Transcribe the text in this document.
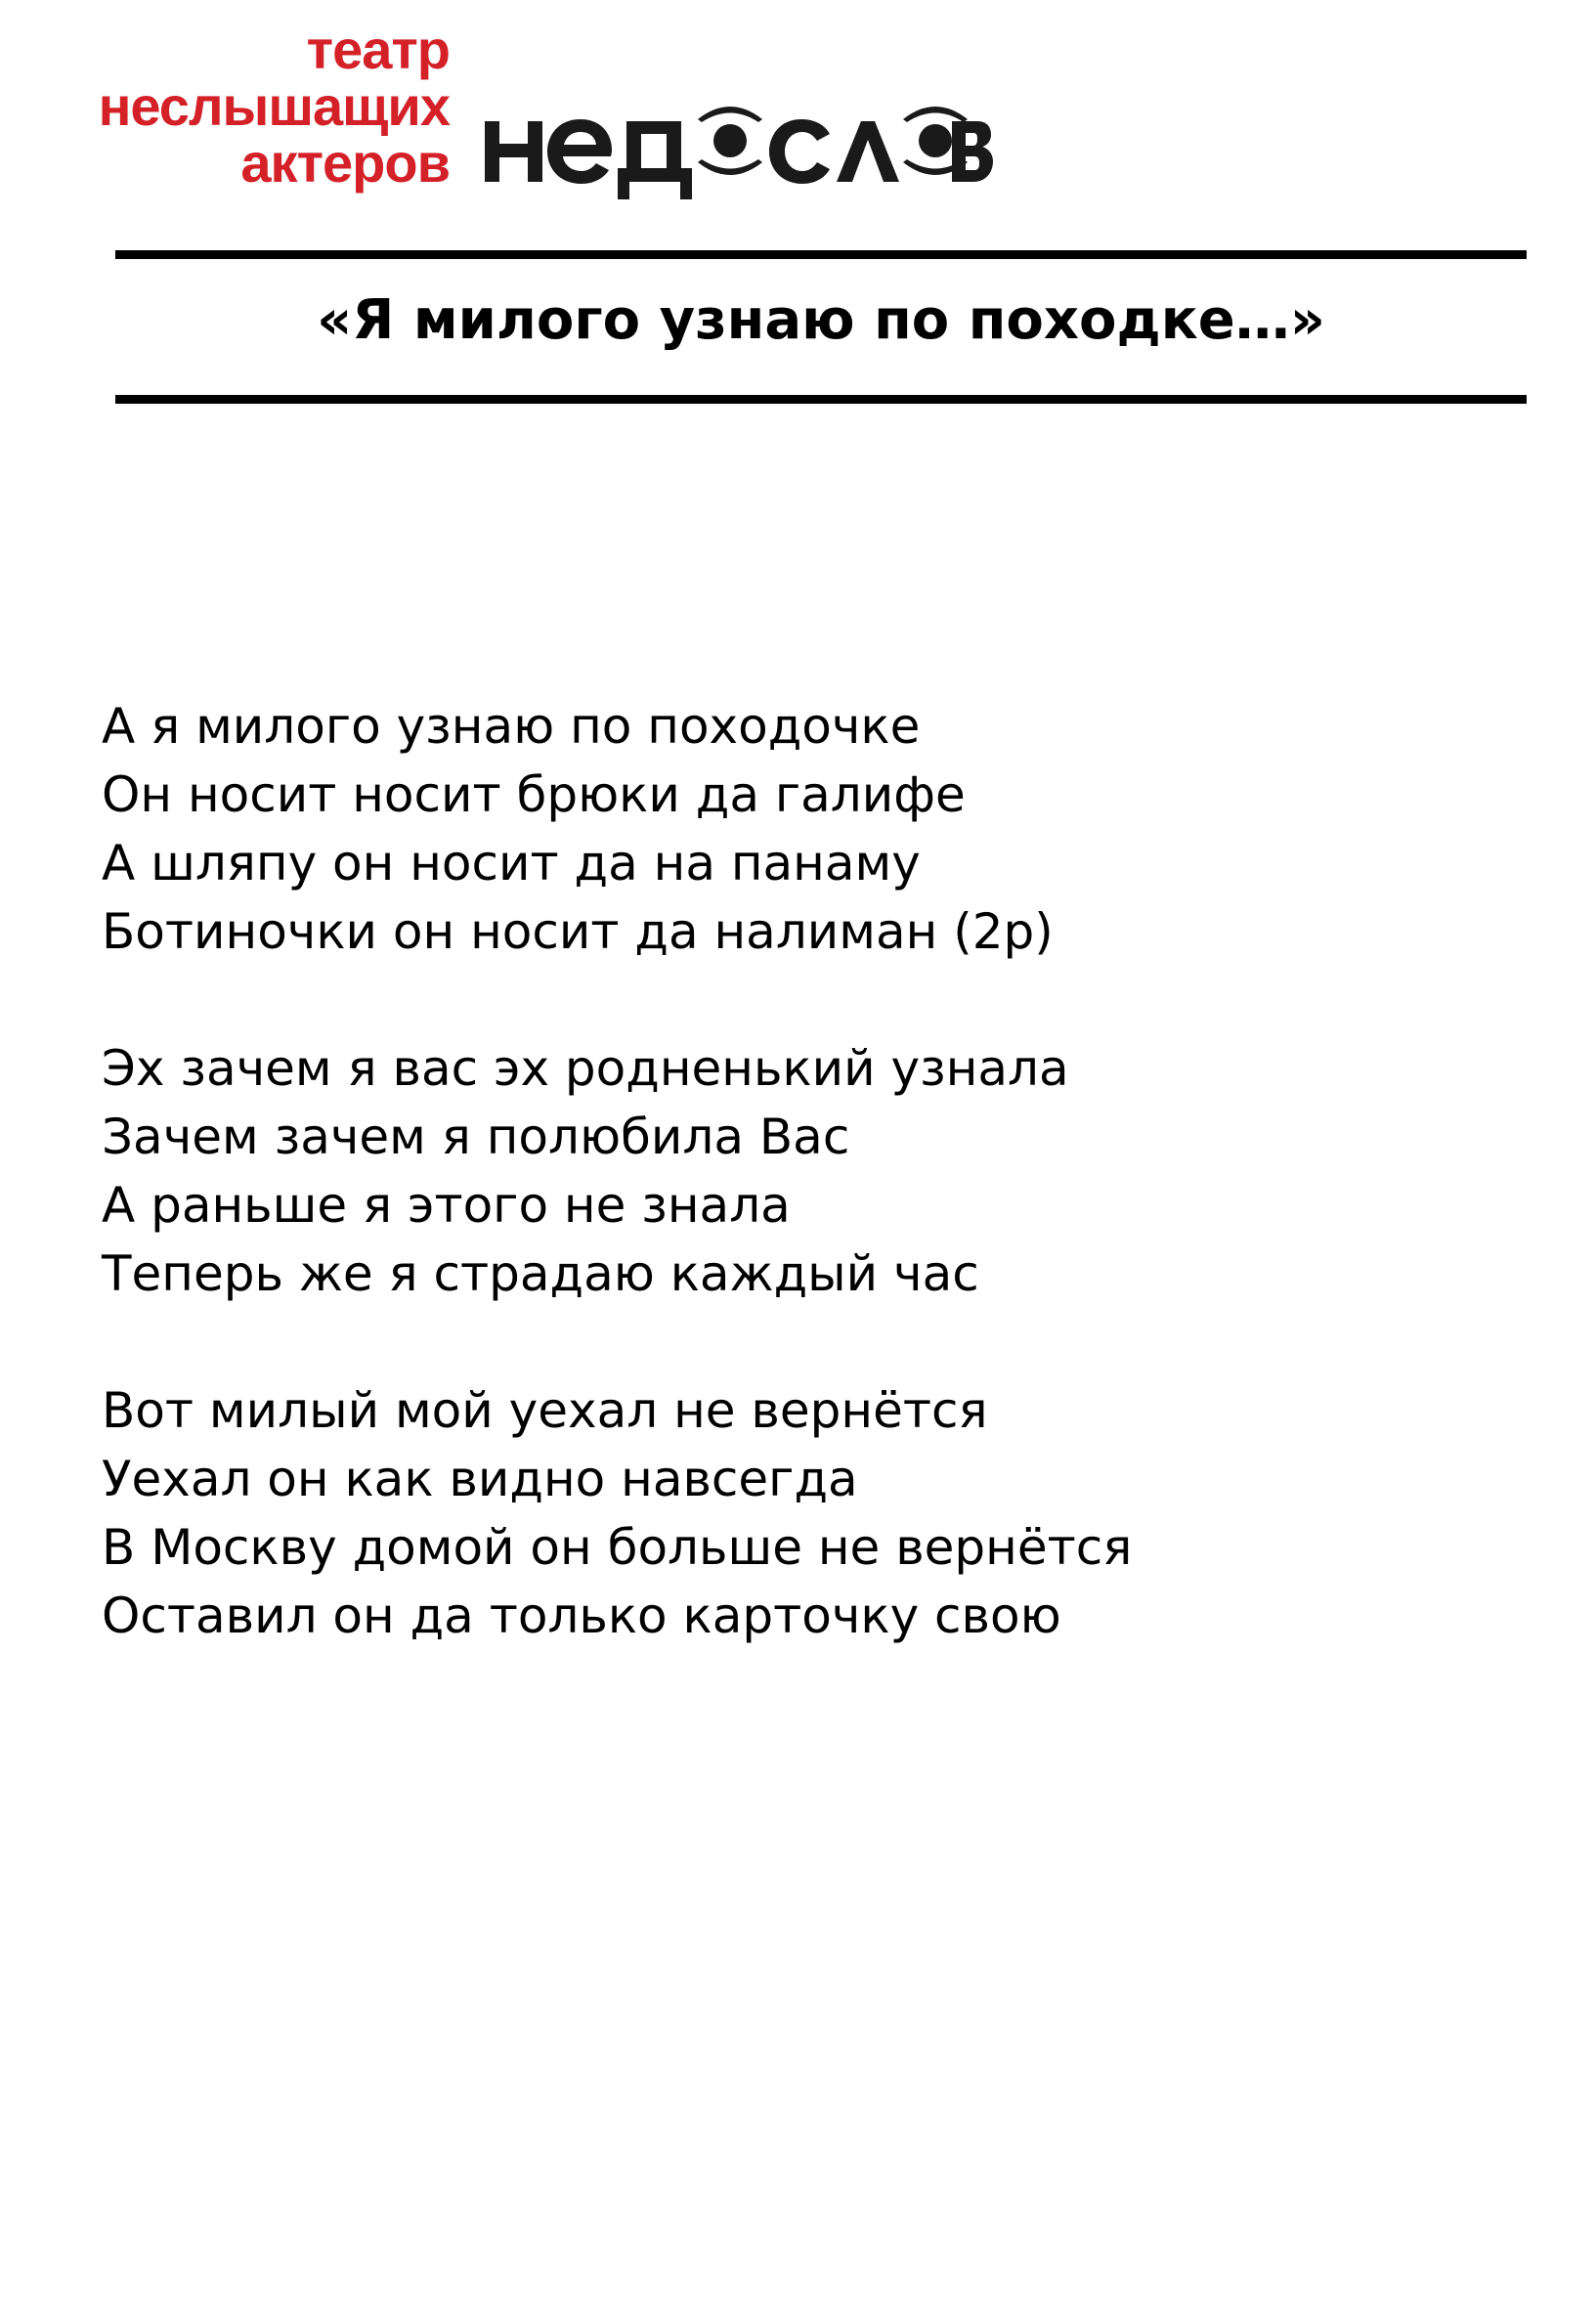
театр
неслышащих
актеров
«Я милого узнаю по походке…»
А я милого узнаю по походочке
Он носит носит брюки да галифе
А шляпу он носит да на панаму
Ботиночки он носит да налиман (2р)
Эх зачем я вас эх родненький узнала
Зачем зачем я полюбила Вас
А раньше я этого не знала
Теперь же я страдаю каждый час
Вот милый мой уехал не вернётся
Уехал он как видно навсегда
В Москву домой он больше не вернётся
Оставил он да только карточку свою
